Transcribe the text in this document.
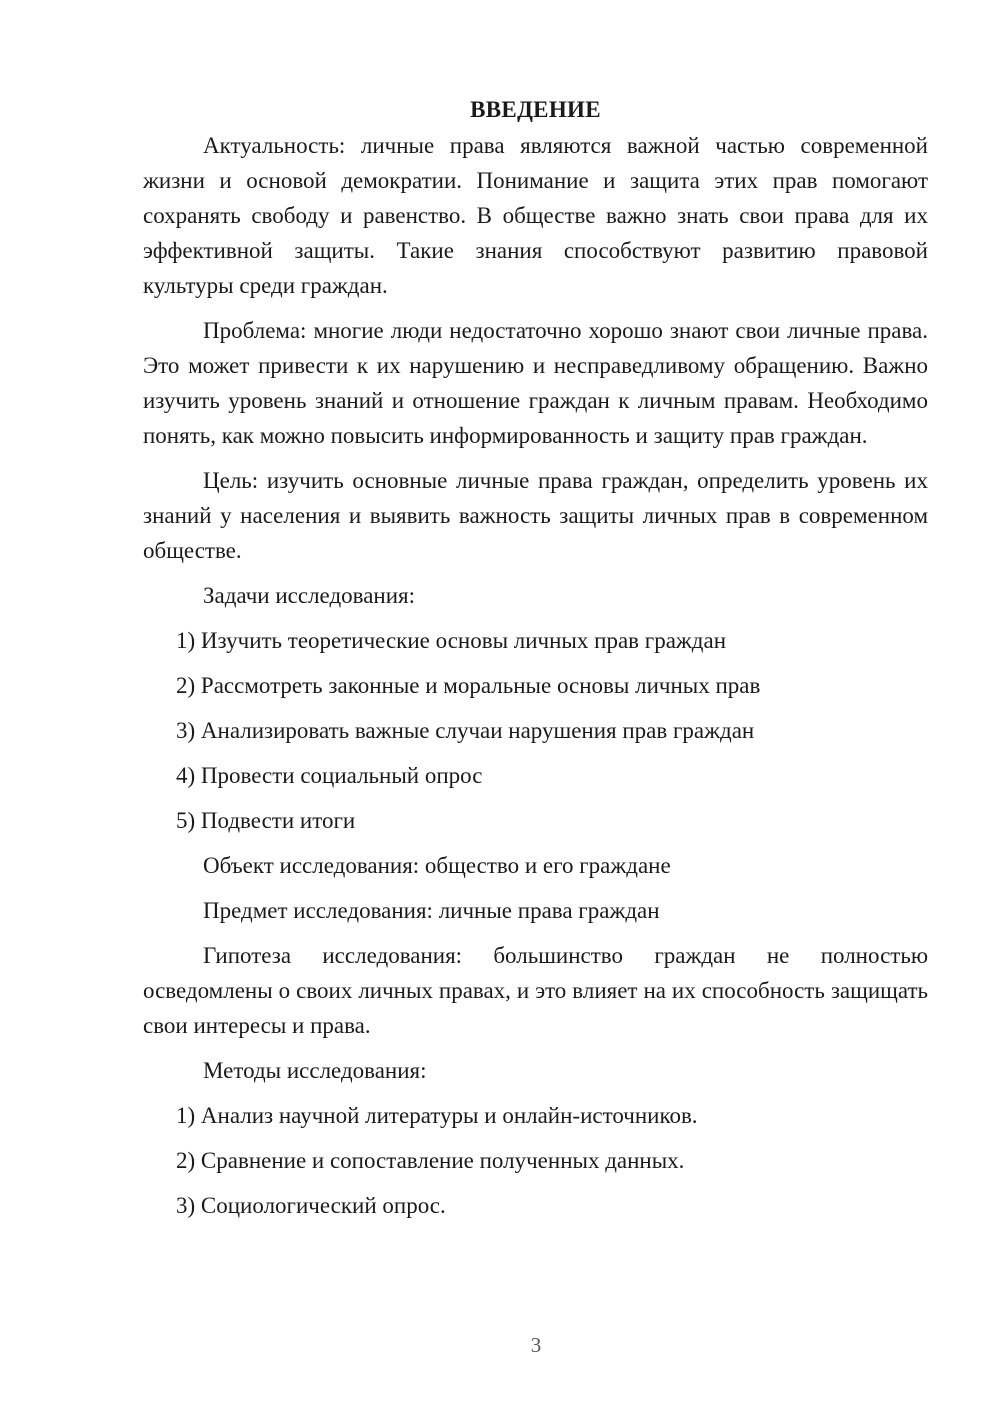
ВВЕДЕНИЕ

Актуальность: личные права являются важной частью современной жизни и основой демократии. Понимание и защита этих прав помогают сохранять свободу и равенство. В обществе важно знать свои права для их эффективной защиты. Такие знания способствуют развитию правовой культуры среди граждан.

Проблема: многие люди недостаточно хорошо знают свои личные права. Это может привести к их нарушению и несправедливому обращению. Важно изучить уровень знаний и отношение граждан к личным правам. Необходимо понять, как можно повысить информированность и защиту прав граждан.

Цель: изучить основные личные права граждан, определить уровень их знаний у населения и выявить важность защиты личных прав в современном обществе.

Задачи исследования:

1) Изучить теоретические основы личных прав граждан

2) Рассмотреть законные и моральные основы личных прав

3) Анализировать важные случаи нарушения прав граждан

4) Провести социальный опрос

5) Подвести итоги

Объект исследования: общество и его граждане

Предмет исследования: личные права граждан

Гипотеза исследования: большинство граждан не полностью осведомлены о своих личных правах, и это влияет на их способность защищать свои интересы и права.

Методы исследования:

1) Анализ научной литературы и онлайн-источников.

2) Сравнение и сопоставление полученных данных.

3) Социологический опрос.

3
